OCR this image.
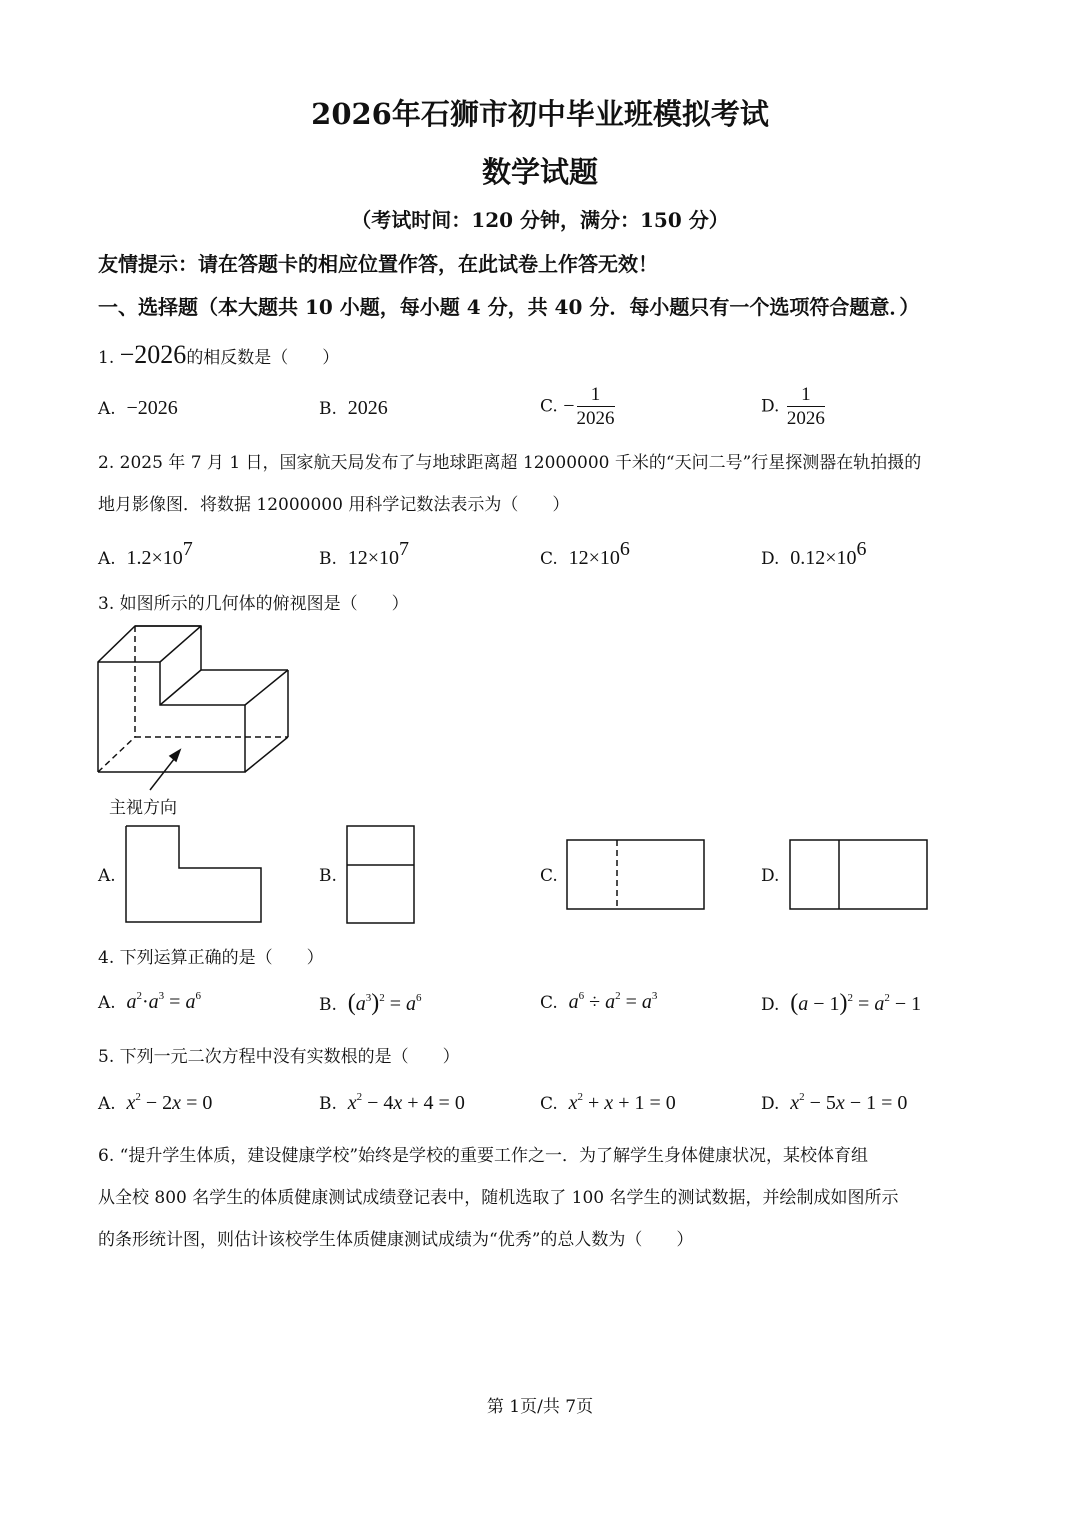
2026年石狮市初中毕业班模拟考试
数学试题
（考试时间：120 分钟，满分：150 分）
友情提示：请在答题卡的相应位置作答，在此试卷上作答无效！
一、选择题（本大题共 10 小题，每小题 4 分，共 40 分．每小题只有一个选项符合题意．）
1. −2026的相反数是（　　）
A. −2026	B. 2026	C. − $\frac{1}{2026}$	D. $\frac{1}{2026}$
2. 2025 年 7 月 1 日，国家航天局发布了与地球距离超 12000000 千米的“天问二号”行星探测器在轨拍摄的
地月影像图．将数据 12000000 用科学记数法表示为（　　）
A. $1.2\times 10^7$	B. $12\times 10^7$	C. $12\times 10^6$	D. $0.12\times 10^6$
3. 如图所示的几何体的俯视图是（　　）
主视方向
A.	B.	C.	D.
4. 下列运算正确的是（　　）
A. $a^2\cdot a^3 = a^6$	B. $(a^3)^2 = a^6$	C. $a^6 \div a^2 = a^3$	D. $(a - 1)^2 = a^2 - 1$
5. 下列一元二次方程中没有实数根的是（　　）
A. $x^2 - 2x = 0$	B. $x^2 - 4x + 4 = 0$	C. $x^2 + x + 1 = 0$	D. $x^2 - 5x - 1 = 0$
6. “提升学生体质，建设健康学校”始终是学校的重要工作之一．为了解学生身体健康状况，某校体育组
从全校 800 名学生的体质健康测试成绩登记表中，随机选取了 100 名学生的测试数据，并绘制成如图所示
的条形统计图，则估计该校学生体质健康测试成绩为“优秀”的总人数为（　　）
第 1页/共 7页
